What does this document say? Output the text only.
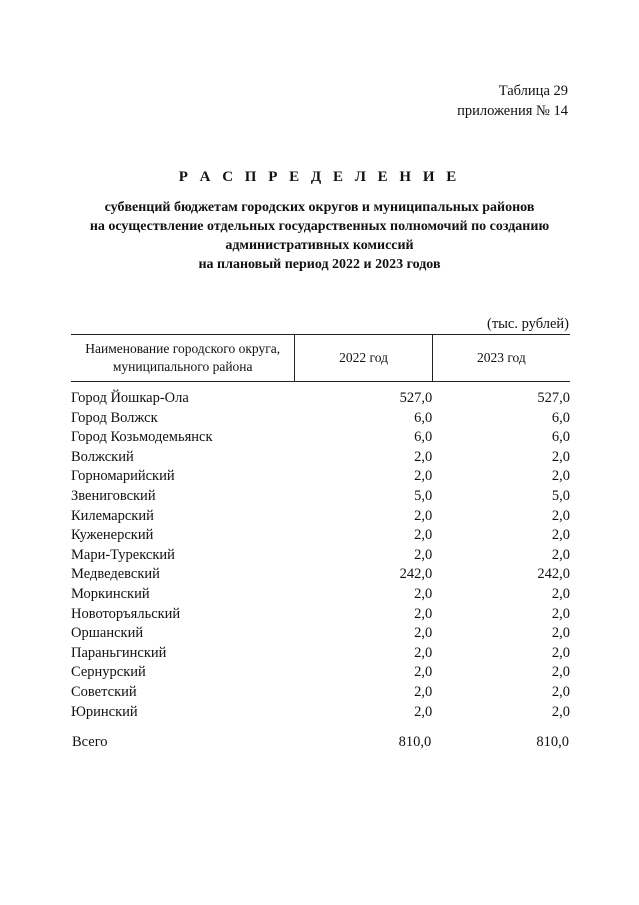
Таблица 29
приложения № 14
Р А С П Р Е Д Е Л Е Н И Е
субвенций бюджетам городских округов и муниципальных районов
на осуществление отдельных государственных полномочий по созданию
административных комиссий
на плановый период 2022 и 2023 годов
(тыс. рублей)
Наименование городского округа,
муниципального района	2022 год	2023 год
Город Йошкар-Ола	527,0	527,0
Город Волжск	6,0	6,0
Город Козьмодемьянск	6,0	6,0
Волжский	2,0	2,0
Горномарийский	2,0	2,0
Звениговский	5,0	5,0
Килемарский	2,0	2,0
Куженерский	2,0	2,0
Мари-Турекский	2,0	2,0
Медведевский	242,0	242,0
Моркинский	2,0	2,0
Новоторъяльский	2,0	2,0
Оршанский	2,0	2,0
Параньгинский	2,0	2,0
Сернурский	2,0	2,0
Советский	2,0	2,0
Юринский	2,0	2,0
Всего	810,0	810,0
